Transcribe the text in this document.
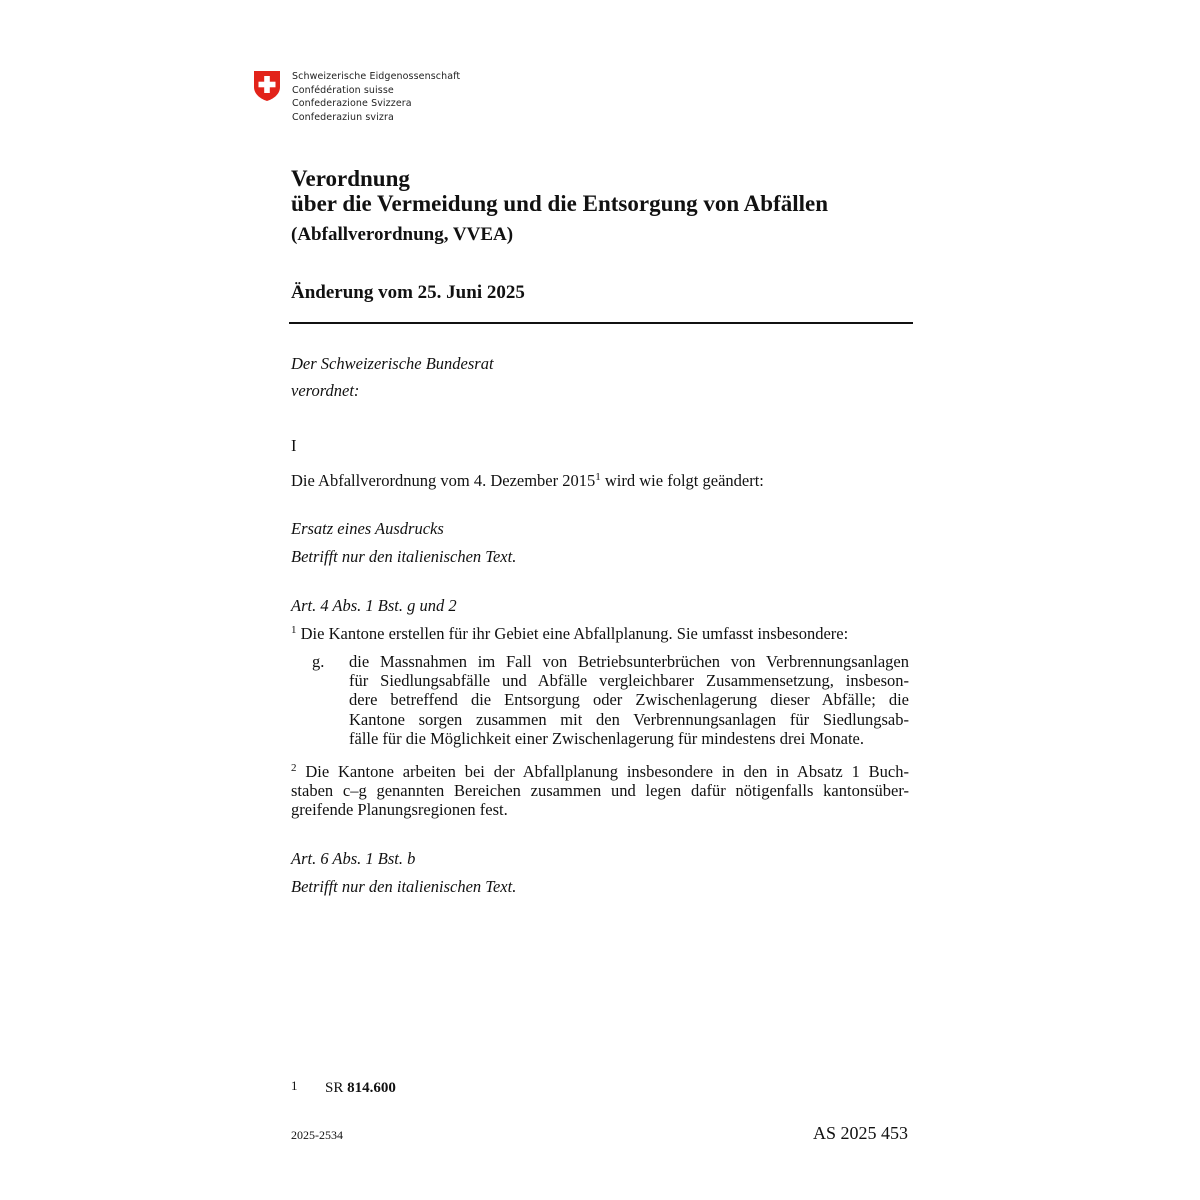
Schweizerische Eidgenossenschaft
Confédération suisse
Confederazione Svizzera
Confederaziun svizra
Verordnung
über die Vermeidung und die Entsorgung von Abfällen
(Abfallverordnung, VVEA)
Änderung vom 25. Juni 2025
Der Schweizerische Bundesrat
verordnet:
I
Die Abfallverordnung vom 4. Dezember 2015$^1$ wird wie folgt geändert:
Ersatz eines Ausdrucks
Betrifft nur den italienischen Text.
Art. 4 Abs. 1 Bst. g und 2
$^1$ Die Kantone erstellen für ihr Gebiet eine Abfallplanung. Sie umfasst insbesondere:
g. die Massnahmen im Fall von Betriebsunterbrüchen von Verbrennungsanlagen
für Siedlungsabfälle und Abfälle vergleichbarer Zusammensetzung, insbeson-
dere betreffend die Entsorgung oder Zwischenlagerung dieser Abfälle; die
Kantone sorgen zusammen mit den Verbrennungsanlagen für Siedlungsab-
fälle für die Möglichkeit einer Zwischenlagerung für mindestens drei Monate.
$^2$ Die Kantone arbeiten bei der Abfallplanung insbesondere in den in Absatz 1 Buch-
staben c–g genannten Bereichen zusammen und legen dafür nötigenfalls kantonsüber-
greifende Planungsregionen fest.
Art. 6 Abs. 1 Bst. b
Betrifft nur den italienischen Text.
1 SR 814.600
2025-2534	AS 2025 453
